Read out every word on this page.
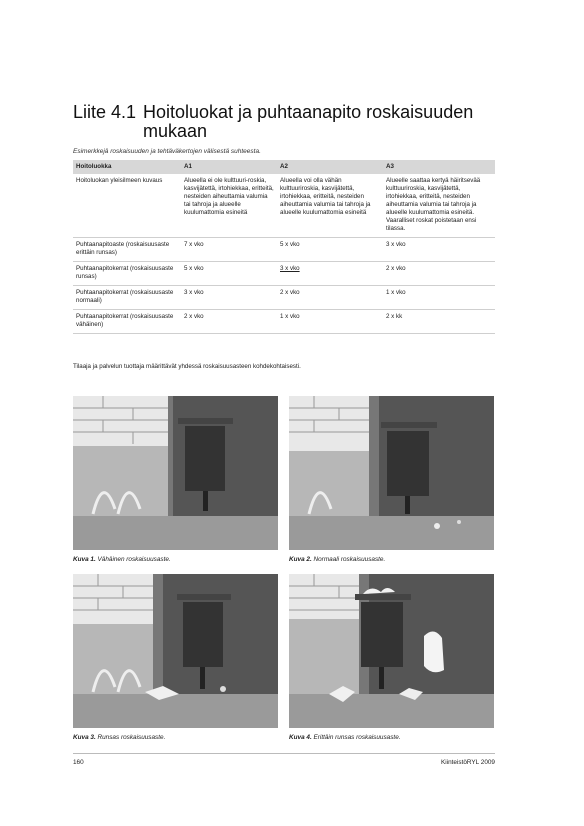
Liite 4.1 Hoitoluokat ja puhtaanapito roskaisuuden
mukaan
Esimerkkejä roskaisuuden ja tehtäväkertojen välisestä suhteesta.
Hoitoluokka	A1	A2	A3
Hoitoluokan yleisilmeen kuvaus	Alueella ei ole kulttuuri-roskia, kasvijätettä, irtohiekkaa, eritteitä, nesteiden aiheuttamia valumia tai tahroja ja alueelle kuulumattomia esineitä	Alueella voi olla vähän kulttuuriroskia, kasvijätettä, irtohiekkaa, eritteitä, nesteiden aiheuttamia valumia tai tahroja ja alueelle kuulumattomia esineitä	Alueelle saattaa kertyä häiritsevää kulttuuriroskia, kasvijätettä, irtohiekkaa, eritteitä, nesteiden aiheuttamia valumia tai tahroja ja alueelle kuulumattomia esineitä. Vaaralliset roskat poistetaan ensi tilassa.
Puhtaanapitoaste (roskaisuusaste erittäin runsas)	7 x vko	5 x vko	3 x vko
Puhtaanapitokerrat (roskaisuusaste runsas)	5 x vko	3 x vko	2 x vko
Puhtaanapitokerrat (roskaisuusaste normaali)	3 x vko	2 x vko	1 x vko
Puhtaanapitokerrat (roskaisuusaste vähäinen)	2 x vko	1 x vko	2 x kk
Tilaaja ja palvelun tuottaja määrittävät yhdessä roskaisuusasteen kohdekohtaisesti.
Kuva 1. Vähäinen roskaisuusaste.	Kuva 2. Normaali roskaisuusaste.
Kuva 3. Runsas roskaisuusaste.	Kuva 4. Erittäin runsas roskaisuusaste.
160	KiinteistöRYL 2009
